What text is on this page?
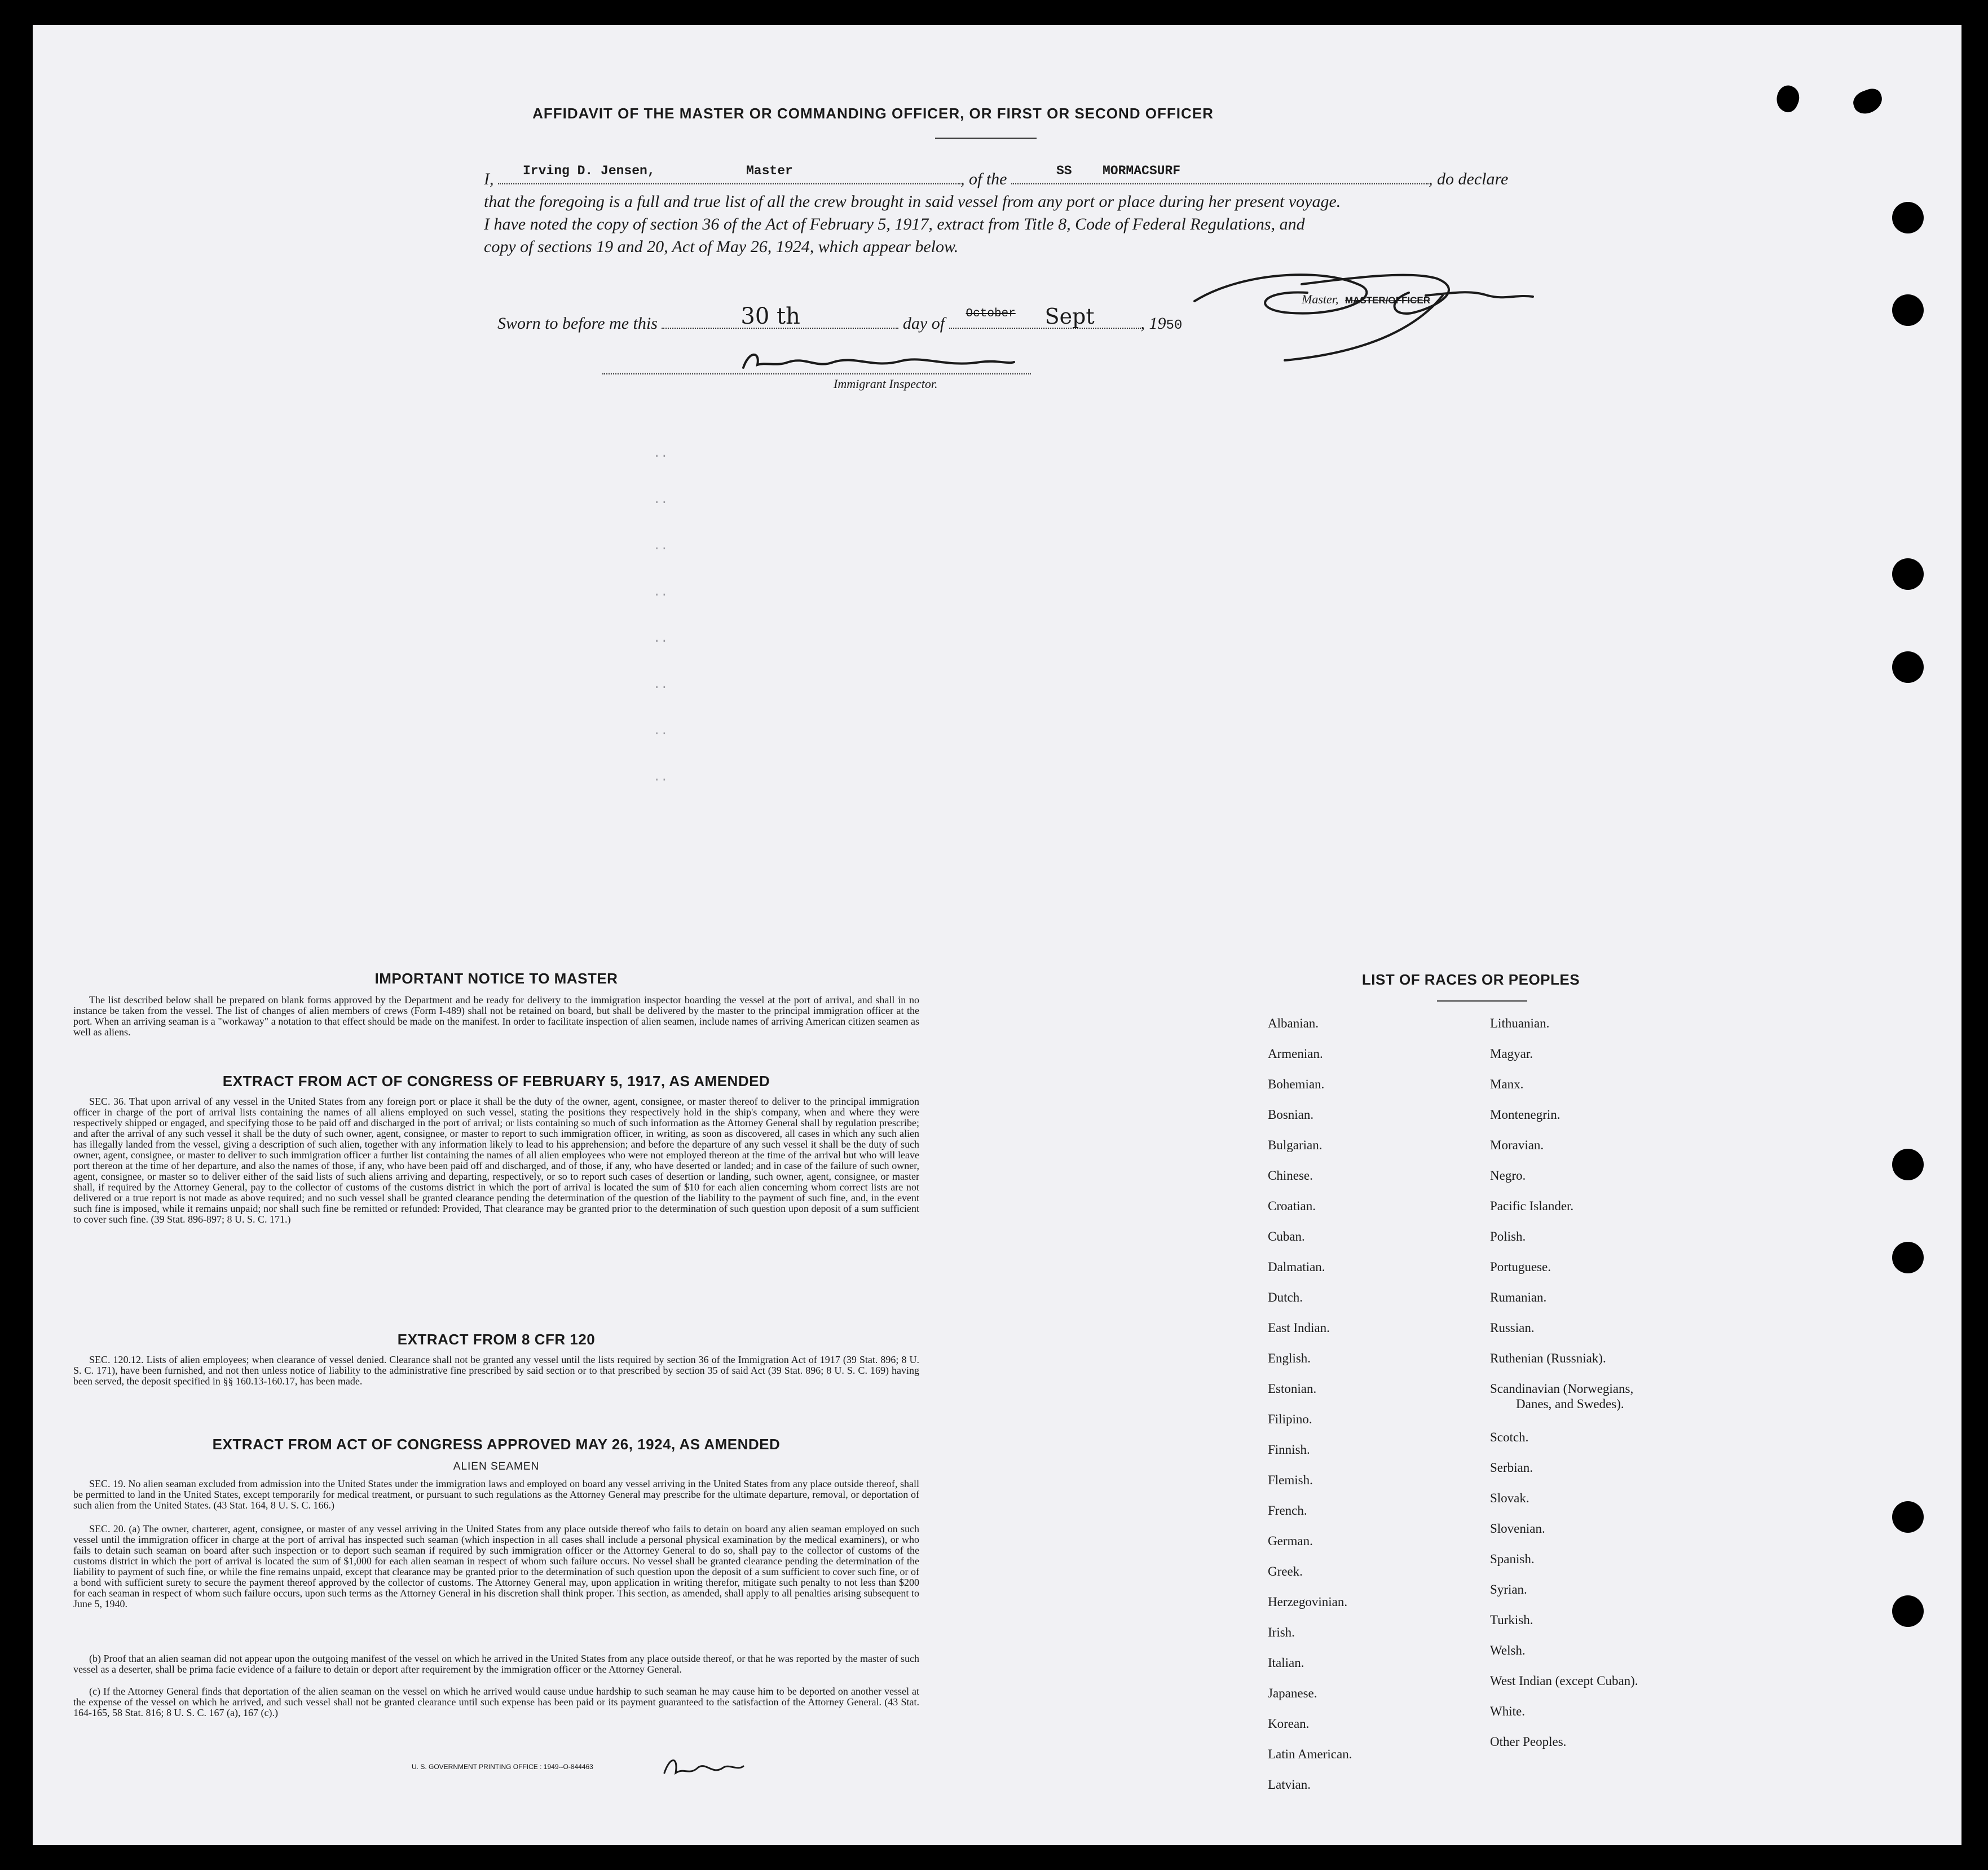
AFFIDAVIT OF THE MASTER OR COMMANDING OFFICER, OR FIRST OR SECOND OFFICER
I, Irving D. Jensen,	Master	, of the	SS MORMACSURF	, do declare
that the foregoing is a full and true list of all the crew brought in said vessel from any port or place during her present voyage.
I have noted the copy of section 36 of the Act of February 5, 1917, extract from Title 8, Code of Federal Regulations, and
copy of sections 19 and 20, Act of May 26, 1924, which appear below.
Master, MASTER/OFFICER
Sworn to before me this	30 th	day of
October Sept	, 1950
Immigrant Inspector.
..
..
..
..
..
..
..
..
IMPORTANT NOTICE TO MASTER
The list described below shall be prepared on blank forms approved by the Department and be ready for delivery to the immigration inspector boarding the vessel at the port of arrival, and shall in no instance be taken from the vessel. The list of changes of alien members of crews (Form I-489) shall not be retained on board, but shall be delivered by the master to the principal immigration officer at the port. When an arriving seaman is a "workaway" a notation to that effect should be made on the manifest. In order to facilitate inspection of alien seamen, include names of arriving American citizen seamen as well as aliens.
EXTRACT FROM ACT OF CONGRESS OF FEBRUARY 5, 1917, AS AMENDED
SEC. 36. That upon arrival of any vessel in the United States from any foreign port or place it shall be the duty of the owner, agent, consignee, or master thereof to deliver to the principal immigration officer in charge of the port of arrival lists containing the names of all aliens employed on such vessel, stating the positions they respectively hold in the ship's company, when and where they were respectively shipped or engaged, and specifying those to be paid off and discharged in the port of arrival; or lists containing so much of such information as the Attorney General shall by regulation prescribe; and after the arrival of any such vessel it shall be the duty of such owner, agent, consignee, or master to report to such immigration officer, in writing, as soon as discovered, all cases in which any such alien has illegally landed from the vessel, giving a description of such alien, together with any information likely to lead to his apprehension; and before the departure of any such vessel it shall be the duty of such owner, agent, consignee, or master to deliver to such immigration officer a further list containing the names of all alien employees who were not employed thereon at the time of the arrival but who will leave port thereon at the time of her departure, and also the names of those, if any, who have been paid off and discharged, and of those, if any, who have deserted or landed; and in case of the failure of such owner, agent, consignee, or master so to deliver either of the said lists of such aliens arriving and departing, respectively, or so to report such cases of desertion or landing, such owner, agent, consignee, or master shall, if required by the Attorney General, pay to the collector of customs of the customs district in which the port of arrival is located the sum of $10 for each alien concerning whom correct lists are not delivered or a true report is not made as above required; and no such vessel shall be granted clearance pending the determination of the question of the liability to the payment of such fine, and, in the event such fine is imposed, while it remains unpaid; nor shall such fine be remitted or refunded: Provided, That clearance may be granted prior to the determination of such question upon deposit of a sum sufficient to cover such fine. (39 Stat. 896-897; 8 U. S. C. 171.)
EXTRACT FROM 8 CFR 120
SEC. 120.12. Lists of alien employees; when clearance of vessel denied. Clearance shall not be granted any vessel until the lists required by section 36 of the Immigration Act of 1917 (39 Stat. 896; 8 U. S. C. 171), have been furnished, and not then unless notice of liability to the administrative fine prescribed by said section or to that prescribed by section 35 of said Act (39 Stat. 896; 8 U. S. C. 169) having been served, the deposit specified in §§ 160.13-160.17, has been made.
EXTRACT FROM ACT OF CONGRESS APPROVED MAY 26, 1924, AS AMENDED
ALIEN SEAMEN
SEC. 19. No alien seaman excluded from admission into the United States under the immigration laws and employed on board any vessel arriving in the United States from any place outside thereof, shall be permitted to land in the United States, except temporarily for medical treatment, or pursuant to such regulations as the Attorney General may prescribe for the ultimate departure, removal, or deportation of such alien from the United States. (43 Stat. 164, 8 U. S. C. 166.)
SEC. 20. (a) The owner, charterer, agent, consignee, or master of any vessel arriving in the United States from any place outside thereof who fails to detain on board any alien seaman employed on such vessel until the immigration officer in charge at the port of arrival has inspected such seaman (which inspection in all cases shall include a personal physical examination by the medical examiners), or who fails to detain such seaman on board after such inspection or to deport such seaman if required by such immigration officer or the Attorney General to do so, shall pay to the collector of customs of the customs district in which the port of arrival is located the sum of $1,000 for each alien seaman in respect of whom such failure occurs. No vessel shall be granted clearance pending the determination of the liability to payment of such fine, or while the fine remains unpaid, except that clearance may be granted prior to the determination of such question upon the deposit of a sum sufficient to cover such fine, or of a bond with sufficient surety to secure the payment thereof approved by the collector of customs. The Attorney General may, upon application in writing therefor, mitigate such penalty to not less than $200 for each seaman in respect of whom such failure occurs, upon such terms as the Attorney General in his discretion shall think proper. This section, as amended, shall apply to all penalties arising subsequent to June 5, 1940.
(b) Proof that an alien seaman did not appear upon the outgoing manifest of the vessel on which he arrived in the United States from any place outside thereof, or that he was reported by the master of such vessel as a deserter, shall be prima facie evidence of a failure to detain or deport after requirement by the immigration officer or the Attorney General.
(c) If the Attorney General finds that deportation of the alien seaman on the vessel on which he arrived would cause undue hardship to such seaman he may cause him to be deported on another vessel at the expense of the vessel on which he arrived, and such vessel shall not be granted clearance until such expense has been paid or its payment guaranteed to the satisfaction of the Attorney General. (43 Stat. 164-165, 58 Stat. 816; 8 U. S. C. 167 (a), 167 (c).)
U. S. GOVERNMENT PRINTING OFFICE : 1949--O-844463
LIST OF RACES OR PEOPLES
Albanian.
Armenian.
Bohemian.
Bosnian.
Bulgarian.
Chinese.
Croatian.
Cuban.
Dalmatian.
Dutch.
East Indian.
English.
Estonian.
Filipino.
Finnish.
Flemish.
French.
German.
Greek.
Herzegovinian.
Irish.
Italian.
Japanese.
Korean.
Latin American.
Latvian.
Lithuanian.
Magyar.
Manx.
Montenegrin.
Moravian.
Negro.
Pacific Islander.
Polish.
Portuguese.
Rumanian.
Russian.
Ruthenian (Russniak).
Scandinavian (Norwegians,
Danes, and Swedes).
Scotch.
Serbian.
Slovak.
Slovenian.
Spanish.
Syrian.
Turkish.
Welsh.
West Indian (except Cuban).
White.
Other Peoples.
